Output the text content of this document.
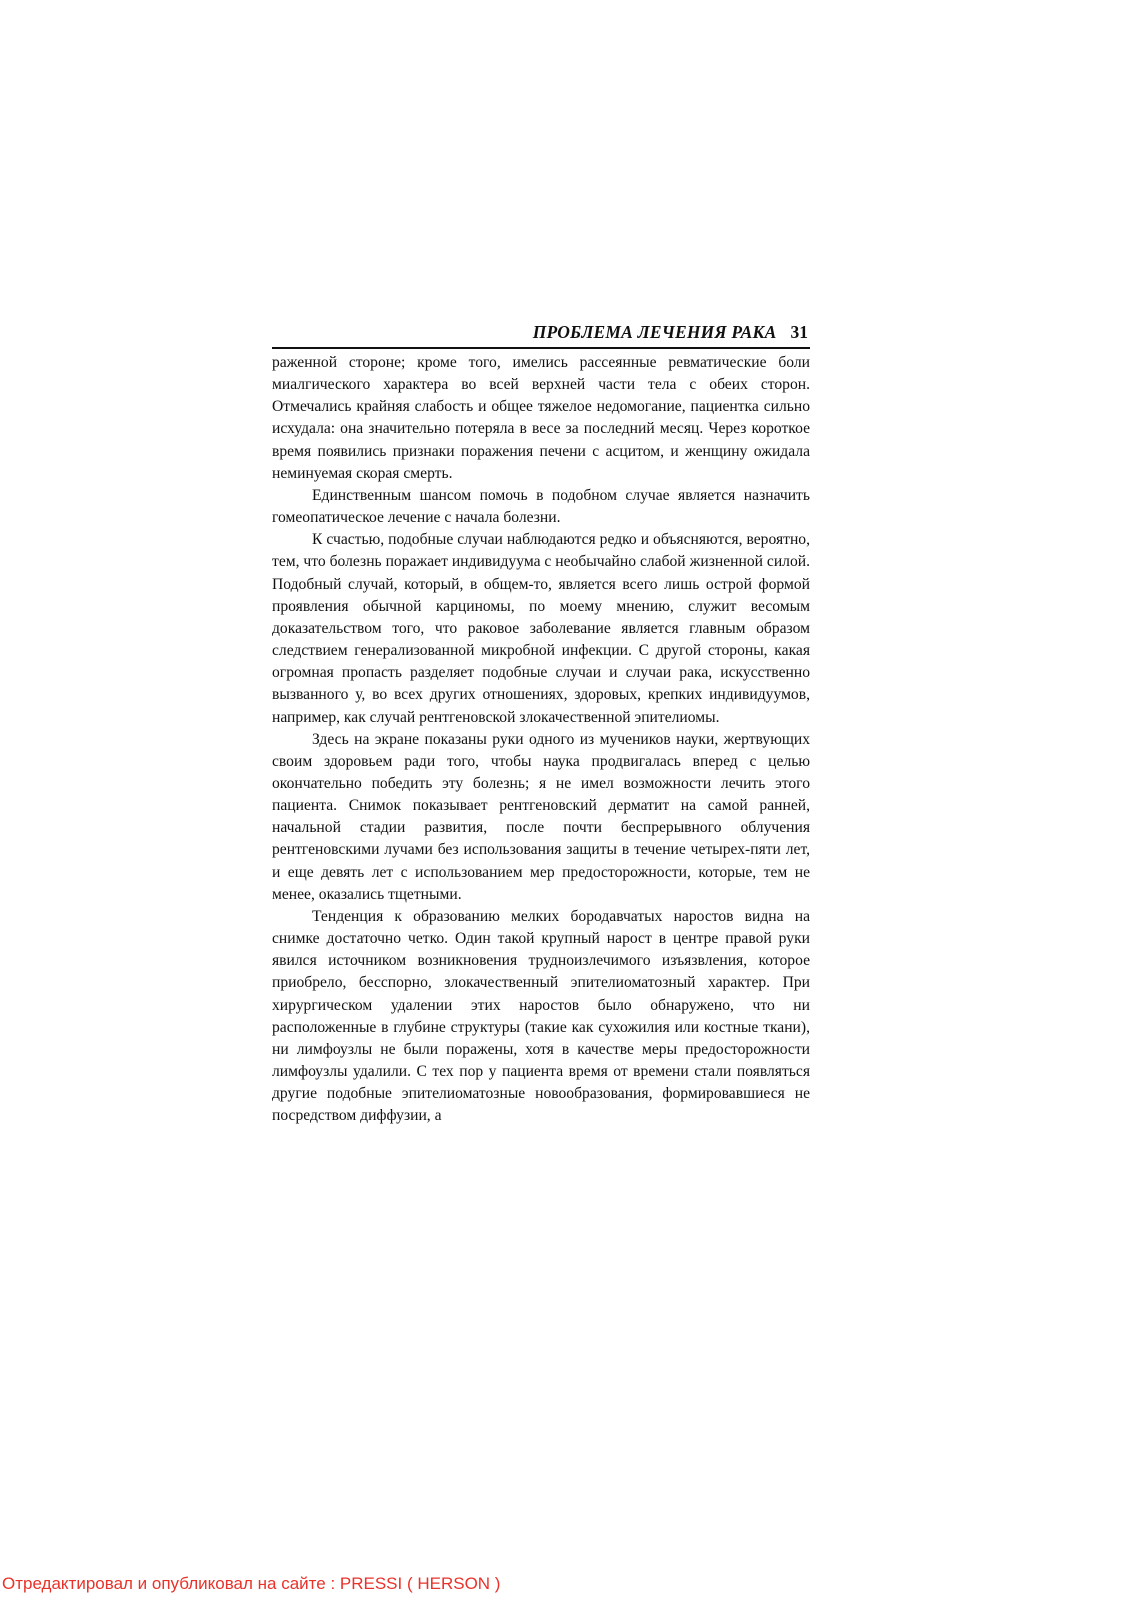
ПРОБЛЕМА ЛЕЧЕНИЯ РАКА 31

раженной стороне; кроме того, имелись рассеянные ревматические боли миалгического характера во всей верхней части тела с обеих сторон. Отмечались крайняя слабость и общее тяжелое недомогание, пациентка сильно исхудала: она значительно потеряла в весе за последний месяц. Через короткое время появились признаки поражения печени с асцитом, и женщину ожидала неминуемая скорая смерть.

Единственным шансом помочь в подобном случае является назначить гомеопатическое лечение с начала болезни.

К счастью, подобные случаи наблюдаются редко и объясняются, вероятно, тем, что болезнь поражает индивидуума с необычайно слабой жизненной силой. Подобный случай, который, в общем-то, является всего лишь острой формой проявления обычной карциномы, по моему мнению, служит весомым доказательством того, что раковое заболевание является главным образом следствием генерализованной микробной инфекции. С другой стороны, какая огромная пропасть разделяет подобные случаи и случаи рака, искусственно вызванного у, во всех других отношениях, здоровых, крепких индивидуумов, например, как случай рентгеновской злокачественной эпителиомы.

Здесь на экране показаны руки одного из мучеников науки, жертвующих своим здоровьем ради того, чтобы наука продвигалась вперед с целью окончательно победить эту болезнь; я не имел возможности лечить этого пациента. Снимок показывает рентгеновский дерматит на самой ранней, начальной стадии развития, после почти беспрерывного облучения рентгеновскими лучами без использования защиты в течение четырех-пяти лет, и еще девять лет с использованием мер предосторожности, которые, тем не менее, оказались тщетными.

Тенденция к образованию мелких бородавчатых наростов видна на снимке достаточно четко. Один такой крупный нарост в центре правой руки явился источником возникновения трудноизлечимого изъязвления, которое приобрело, бесспорно, злокачественный эпителиоматозный характер. При хирургическом удалении этих наростов было обнаружено, что ни расположенные в глубине структуры (такие как сухожилия или костные ткани), ни лимфоузлы не были поражены, хотя в качестве меры предосторожности лимфоузлы удалили. С тех пор у пациента время от времени стали появляться другие подобные эпителиоматозные новообразования, формировавшиеся не посредством диффузии, а

Отредактировал и опубликовал на сайте : PRESSI ( HERSON )
